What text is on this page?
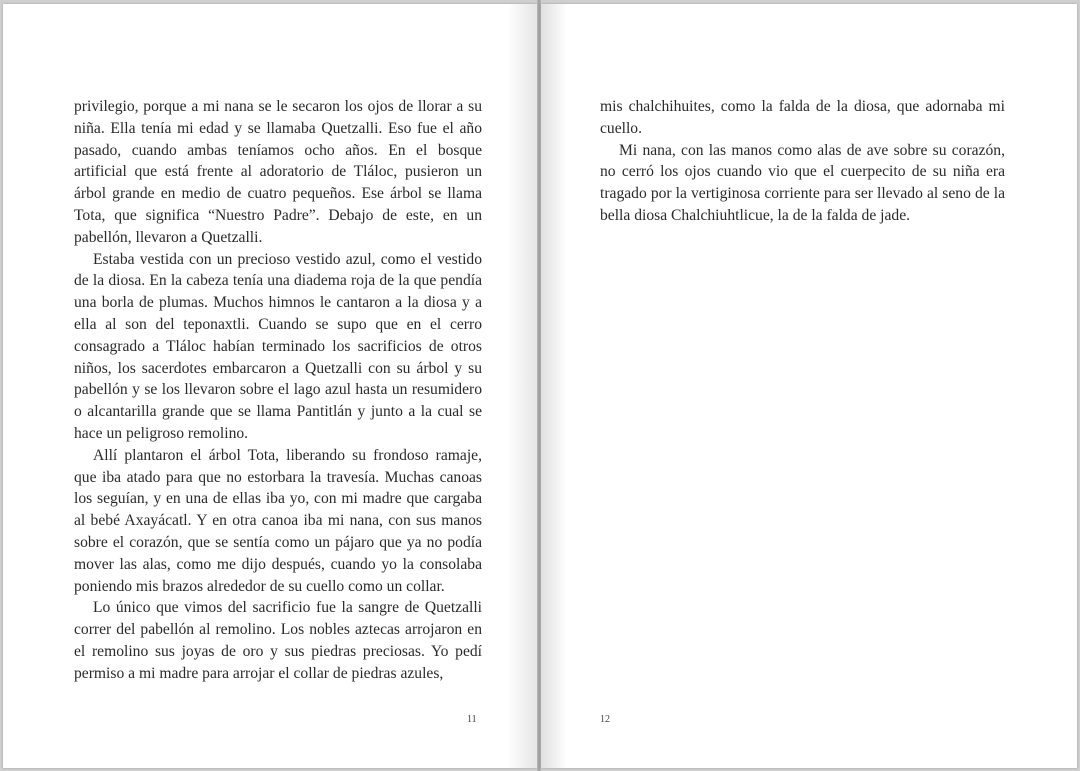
privilegio, porque a mi nana se le secaron los ojos de llorar a su niña. Ella tenía mi edad y se llamaba Quetzalli. Eso fue el año pasado, cuando ambas teníamos ocho años. En el bosque artificial que está frente al adoratorio de Tláloc, pusieron un árbol grande en medio de cuatro pequeños. Ese árbol se llama Tota, que significa “Nuestro Padre”. Debajo de este, en un pabellón, llevaron a Quetzalli.

Estaba vestida con un precioso vestido azul, como el vestido de la diosa. En la cabeza tenía una diadema roja de la que pendía una borla de plumas. Muchos himnos le cantaron a la diosa y a ella al son del teponaxtli. Cuando se supo que en el cerro consagrado a Tláloc habían terminado los sacrificios de otros niños, los sacerdotes embarcaron a Quetzalli con su árbol y su pabellón y se los llevaron sobre el lago azul hasta un resumidero o alcantarilla grande que se llama Pantitlán y junto a la cual se hace un peligroso remolino.

Allí plantaron el árbol Tota, liberando su frondoso ramaje, que iba atado para que no estorbara la travesía. Muchas canoas los seguían, y en una de ellas iba yo, con mi madre que cargaba al bebé Axayácatl. Y en otra canoa iba mi nana, con sus manos sobre el corazón, que se sentía como un pájaro que ya no podía mover las alas, como me dijo después, cuando yo la consolaba poniendo mis brazos alrededor de su cuello como un collar.

Lo único que vimos del sacrificio fue la sangre de Quetzalli correr del pabellón al remolino. Los nobles aztecas arrojaron en el remolino sus joyas de oro y sus piedras preciosas. Yo pedí permiso a mi madre para arrojar el collar de piedras azules,

11

mis chalchihuites, como la falda de la diosa, que adornaba mi cuello.

Mi nana, con las manos como alas de ave sobre su corazón, no cerró los ojos cuando vio que el cuerpecito de su niña era tragado por la vertiginosa corriente para ser llevado al seno de la bella diosa Chalchiuhtlicue, la de la falda de jade.

12
